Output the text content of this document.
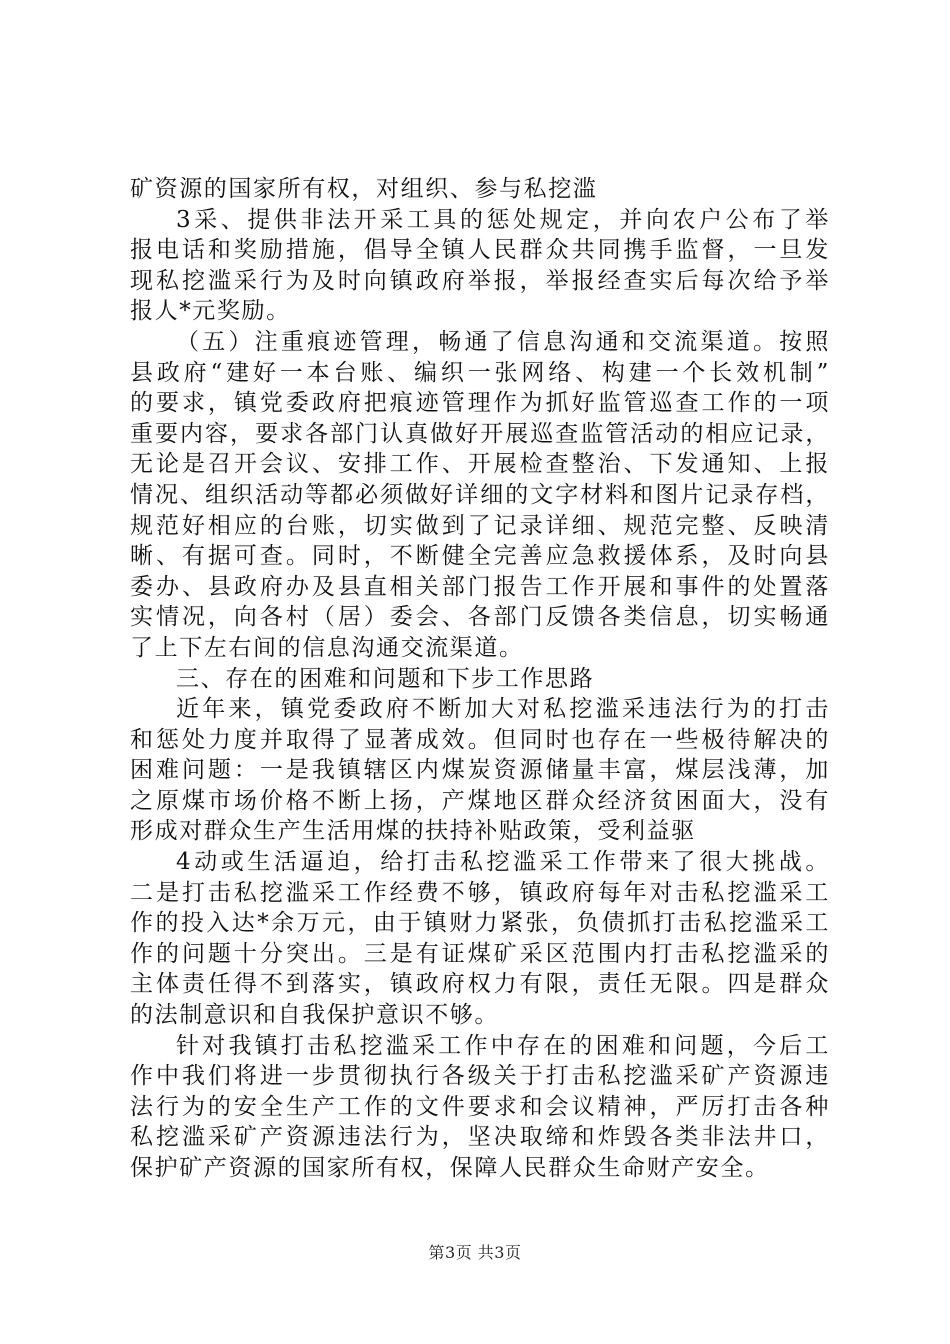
矿资源的国家所有权，对组织、参与私挖滥
3采、提供非法开采工具的惩处规定，并向农户公布了举
报电话和奖励措施，倡导全镇人民群众共同携手监督，一旦发
现私挖滥采行为及时向镇政府举报，举报经查实后每次给予举
报人*元奖励。
（五）注重痕迹管理，畅通了信息沟通和交流渠道。按照
县政府“建好一本台账、编织一张网络、构建一个长效机制”
的要求，镇党委政府把痕迹管理作为抓好监管巡查工作的一项
重要内容，要求各部门认真做好开展巡查监管活动的相应记录，
无论是召开会议、安排工作、开展检查整治、下发通知、上报
情况、组织活动等都必须做好详细的文字材料和图片记录存档，
规范好相应的台账，切实做到了记录详细、规范完整、反映清
晰、有据可查。同时，不断健全完善应急救援体系，及时向县
委办、县政府办及县直相关部门报告工作开展和事件的处置落
实情况，向各村（居）委会、各部门反馈各类信息，切实畅通
了上下左右间的信息沟通交流渠道。
三、存在的困难和问题和下步工作思路
近年来，镇党委政府不断加大对私挖滥采违法行为的打击
和惩处力度并取得了显著成效。但同时也存在一些极待解决的
困难问题：一是我镇辖区内煤炭资源储量丰富，煤层浅薄，加
之原煤市场价格不断上扬，产煤地区群众经济贫困面大，没有
形成对群众生产生活用煤的扶持补贴政策，受利益驱
4动或生活逼迫，给打击私挖滥采工作带来了很大挑战。
二是打击私挖滥采工作经费不够，镇政府每年对击私挖滥采工
作的投入达*余万元，由于镇财力紧张，负债抓打击私挖滥采工
作的问题十分突出。三是有证煤矿采区范围内打击私挖滥采的
主体责任得不到落实，镇政府权力有限，责任无限。四是群众
的法制意识和自我保护意识不够。
针对我镇打击私挖滥采工作中存在的困难和问题，今后工
作中我们将进一步贯彻执行各级关于打击私挖滥采矿产资源违
法行为的安全生产工作的文件要求和会议精神，严厉打击各种
私挖滥采矿产资源违法行为，坚决取缔和炸毁各类非法井口，
保护矿产资源的国家所有权，保障人民群众生命财产安全。
第3页 共3页
